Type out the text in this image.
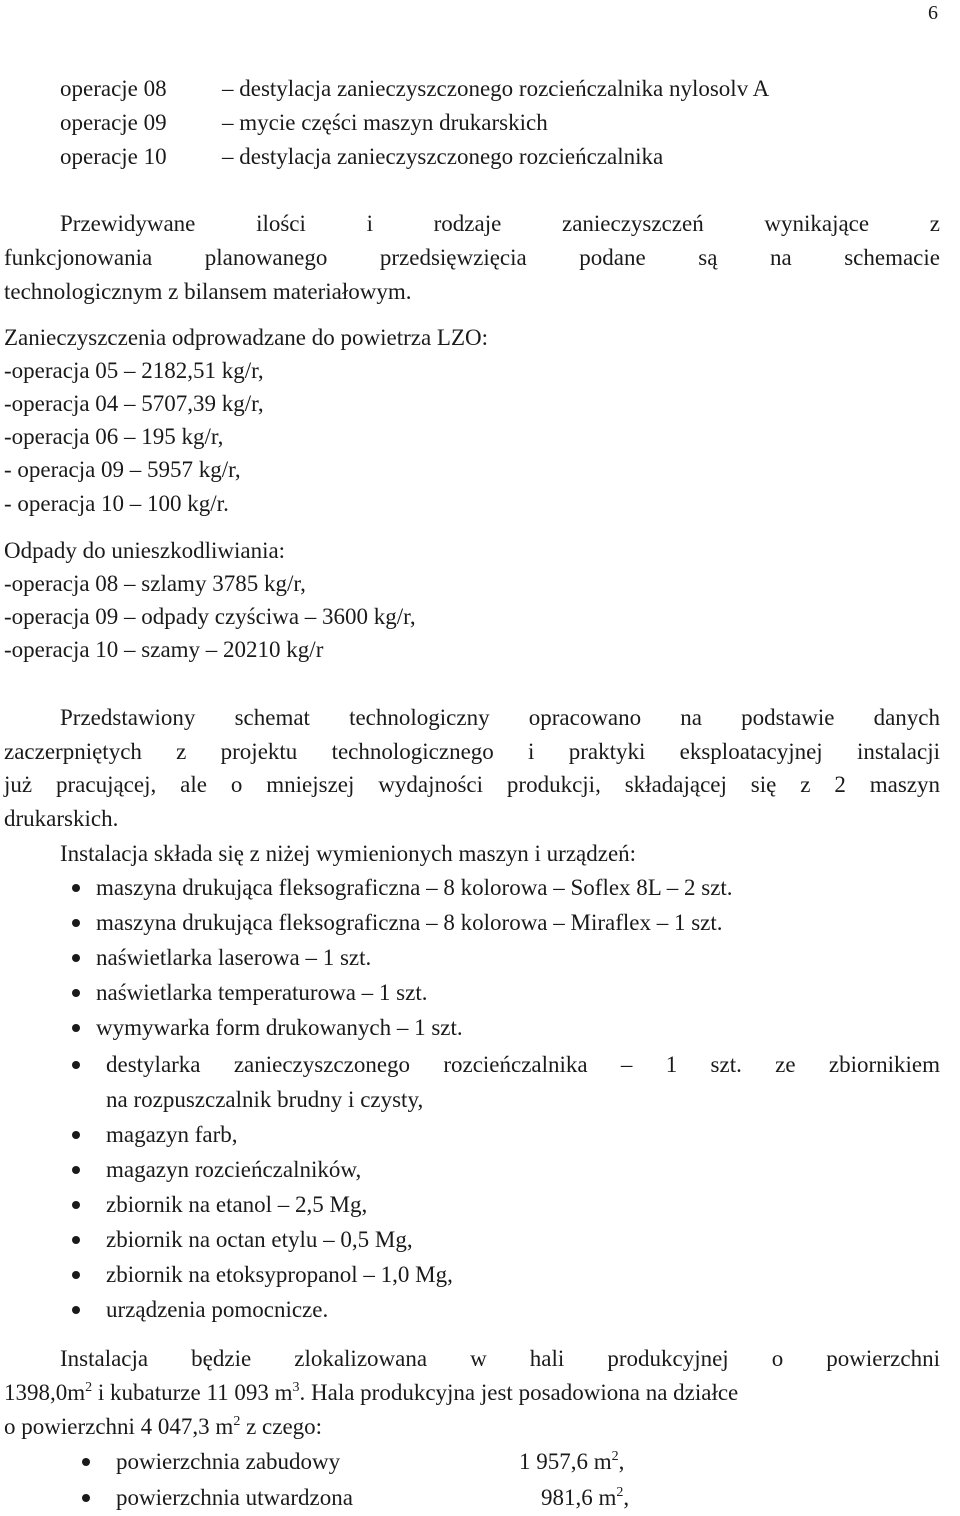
6
operacje 08 – destylacja zanieczyszczonego rozcieńczalnika nylosolv A
operacje 09 – mycie części maszyn drukarskich
operacje 10 – destylacja zanieczyszczonego rozcieńczalnika
Przewidywane ilości i rodzaje zanieczyszczeń wynikające z
funkcjonowania planowanego przedsięwzięcia podane są na schemacie
technologicznym z bilansem materiałowym.
Zanieczyszczenia odprowadzane do powietrza LZO:
-operacja 05 – 2182,51 kg/r,
-operacja 04 – 5707,39 kg/r,
-operacja 06 – 195 kg/r,
- operacja 09 – 5957 kg/r,
- operacja 10 – 100 kg/r.
Odpady do unieszkodliwiania:
-operacja 08 – szlamy 3785 kg/r,
-operacja 09 – odpady czyściwa – 3600 kg/r,
-operacja 10 – szamy – 20210 kg/r
Przedstawiony schemat technologiczny opracowano na podstawie danych
zaczerpniętych z projektu technologicznego i praktyki eksploatacyjnej instalacji
już pracującej, ale o mniejszej wydajności produkcji, składającej się z 2 maszyn
drukarskich.
Instalacja składa się z niżej wymienionych maszyn i urządzeń:
maszyna drukująca fleksograficzna – 8 kolorowa – Soflex 8L – 2 szt.
maszyna drukująca fleksograficzna – 8 kolorowa – Miraflex – 1 szt.
naświetlarka laserowa – 1 szt.
naświetlarka temperaturowa – 1 szt.
wymywarka form drukowanych – 1 szt.
destylarka zanieczyszczonego rozcieńczalnika – 1 szt. ze zbiornikiem
na rozpuszczalnik brudny i czysty,
magazyn farb,
magazyn rozcieńczalników,
zbiornik na etanol – 2,5 Mg,
zbiornik na octan etylu – 0,5 Mg,
zbiornik na etoksypropanol – 1,0 Mg,
urządzenia pomocnicze.
Instalacja będzie zlokalizowana w hali produkcyjnej o powierzchni
$1398,0m^2$ i kubaturze 11 093 $m^3$. Hala produkcyjna jest posadowiona na działce
o powierzchni 4 047,3 $m^2$ z czego:
powierzchnia zabudowy	1 957,6 $m^2$,
powierzchnia utwardzona	981,6 $m^2$,
